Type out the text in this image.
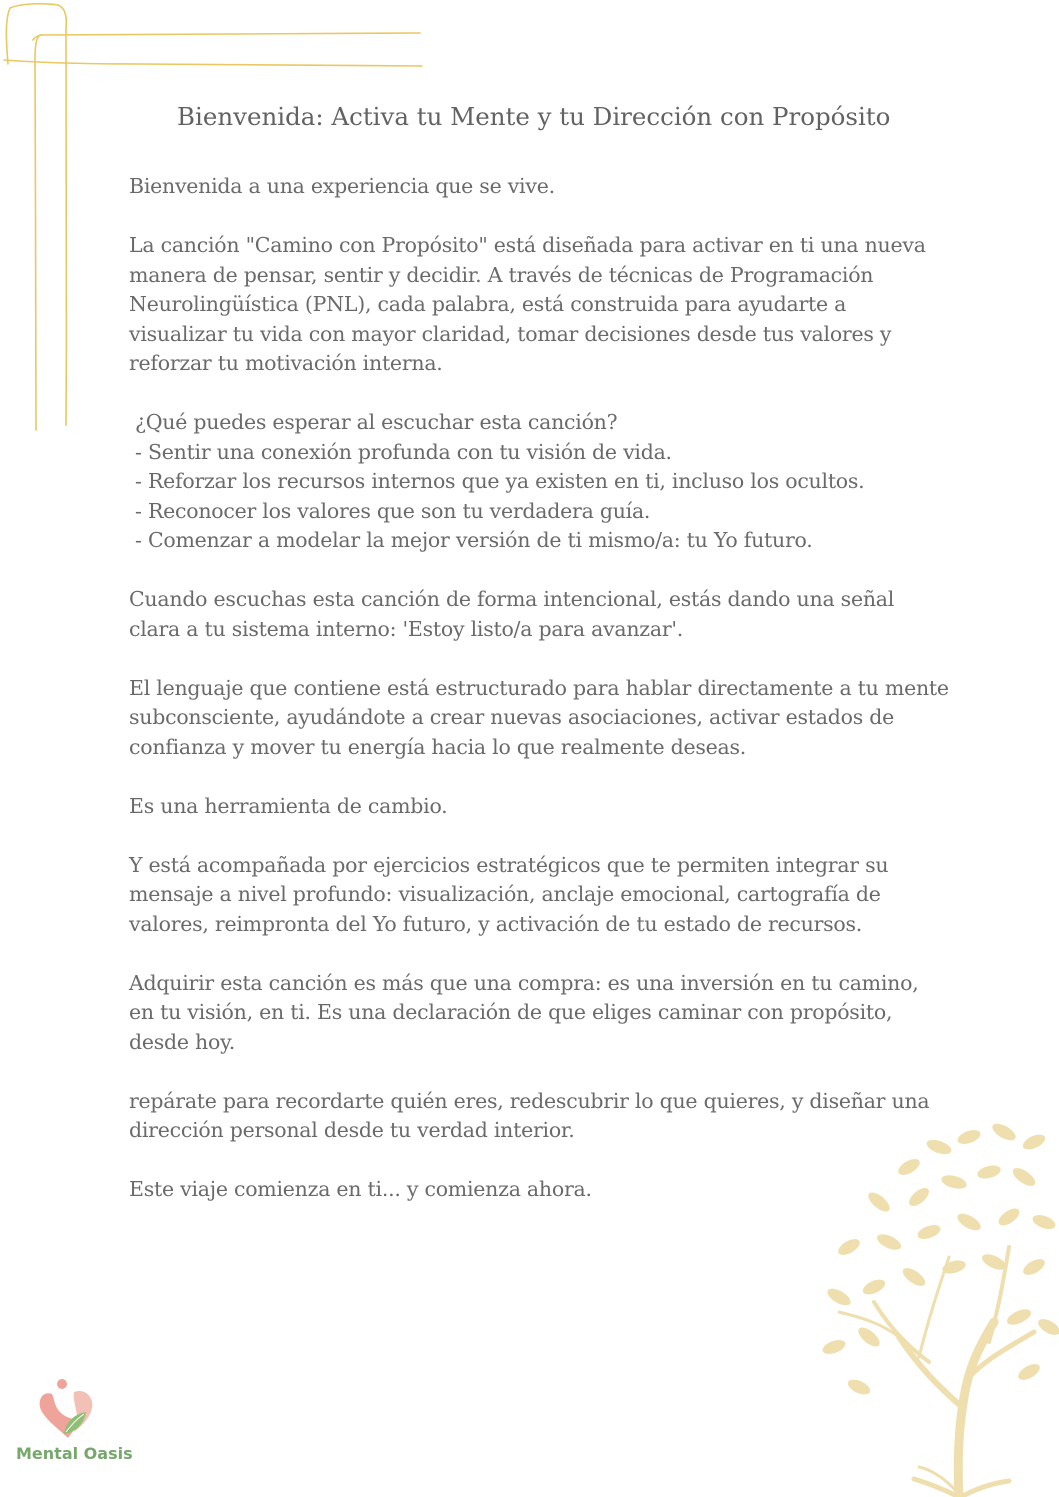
Bienvenida: Activa tu Mente y tu Dirección con Propósito

Bienvenida a una experiencia que se vive.

La canción "Camino con Propósito" está diseñada para activar en ti una nueva manera de pensar, sentir y decidir. A través de técnicas de Programación Neurolingüística (PNL), cada palabra, está construida para ayudarte a visualizar tu vida con mayor claridad, tomar decisiones desde tus valores y reforzar tu motivación interna.

¿Qué puedes esperar al escuchar esta canción?
- Sentir una conexión profunda con tu visión de vida.
- Reforzar los recursos internos que ya existen en ti, incluso los ocultos.
- Reconocer los valores que son tu verdadera guía.
- Comenzar a modelar la mejor versión de ti mismo/a: tu Yo futuro.

Cuando escuchas esta canción de forma intencional, estás dando una señal clara a tu sistema interno: 'Estoy listo/a para avanzar'.

El lenguaje que contiene está estructurado para hablar directamente a tu mente subconsciente, ayudándote a crear nuevas asociaciones, activar estados de confianza y mover tu energía hacia lo que realmente deseas.

Es una herramienta de cambio.

Y está acompañada por ejercicios estratégicos que te permiten integrar su mensaje a nivel profundo: visualización, anclaje emocional, cartografía de valores, reimpronta del Yo futuro, y activación de tu estado de recursos.

Adquirir esta canción es más que una compra: es una inversión en tu camino, en tu visión, en ti. Es una declaración de que eliges caminar con propósito, desde hoy.

repárate para recordarte quién eres, redescubrir lo que quieres, y diseñar una dirección personal desde tu verdad interior.

Este viaje comienza en ti... y comienza ahora.

Mental Oasis
